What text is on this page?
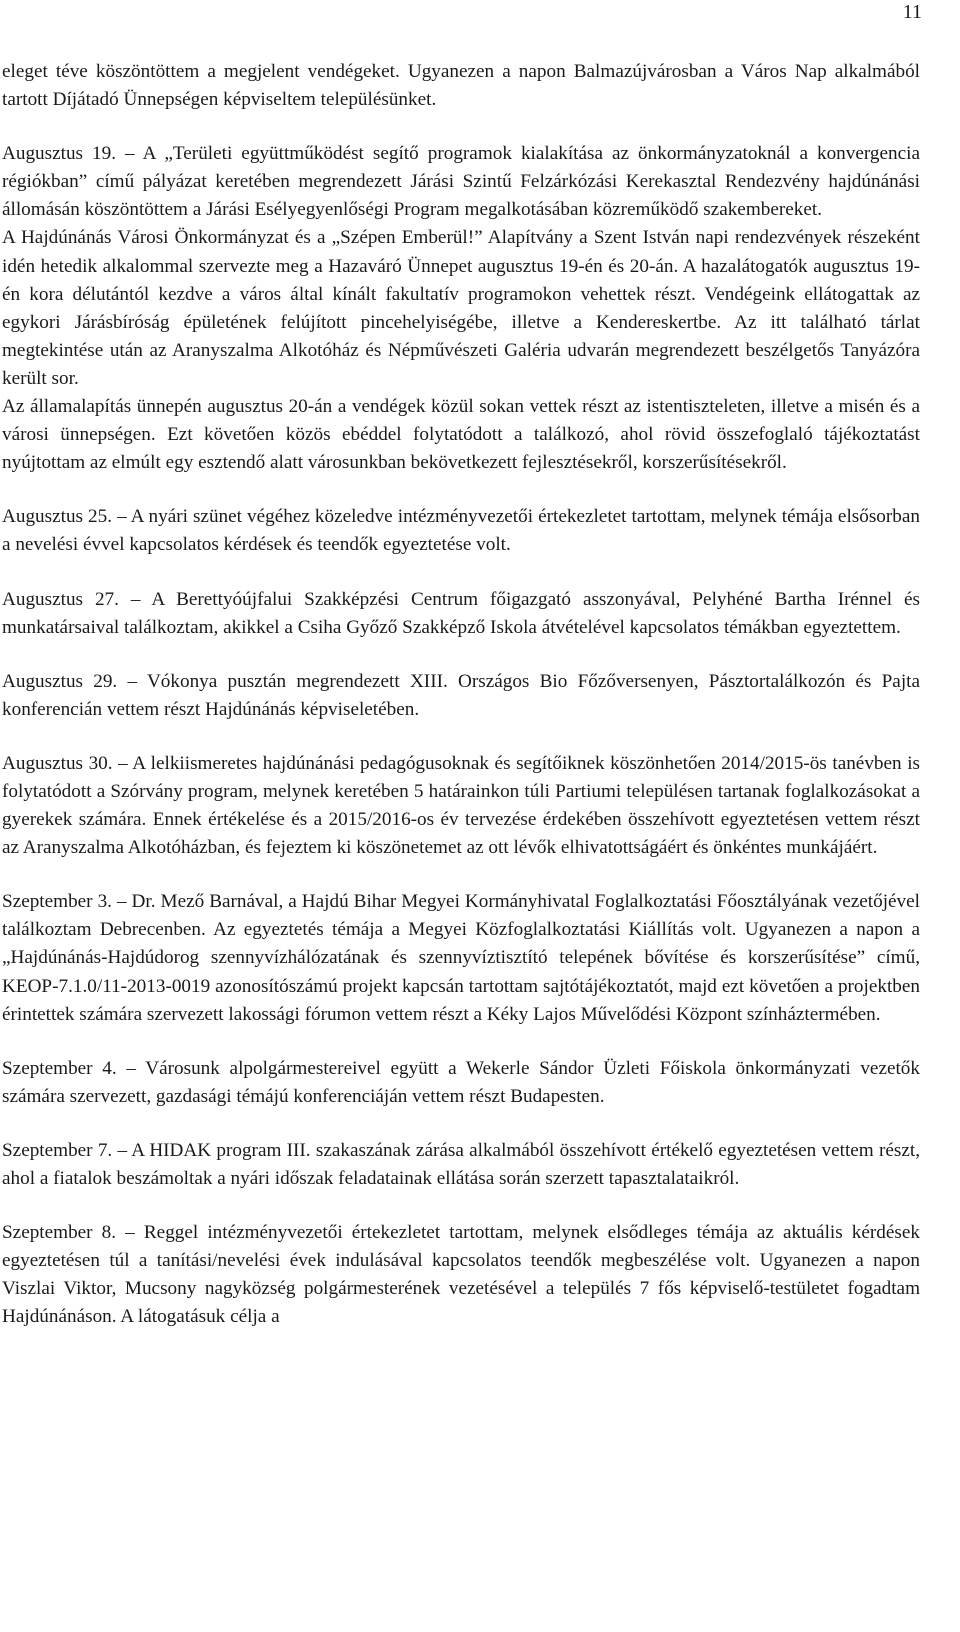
11

eleget téve köszöntöttem a megjelent vendégeket. Ugyanezen a napon Balmazújvárosban a Város Nap alkalmából tartott Díjátadó Ünnepségen képviseltem településünket.

Augusztus 19. – A „Területi együttműködést segítő programok kialakítása az önkormányzatoknál a konvergencia régiókban” című pályázat keretében megrendezett Járási Szintű Felzárkózási Kerekasztal Rendezvény hajdúnánási állomásán köszöntöttem a Járási Esélyegyenlőségi Program megalkotásában közreműködő szakembereket.

A Hajdúnánás Városi Önkormányzat és a „Szépen Emberül!” Alapítvány a Szent István napi rendezvények részeként idén hetedik alkalommal szervezte meg a Hazaváró Ünnepet augusztus 19-én és 20-án. A hazalátogatók augusztus 19-én kora délutántól kezdve a város által kínált fakultatív programokon vehettek részt. Vendégeink ellátogattak az egykori Járásbíróság épületének felújított pincehelyiségébe, illetve a Kendereskertbe. Az itt található tárlat megtekintése után az Aranyszalma Alkotóház és Népművészeti Galéria udvarán megrendezett beszélgetős Tanyázóra került sor.

Az államalapítás ünnepén augusztus 20-án a vendégek közül sokan vettek részt az istentiszteleten, illetve a misén és a városi ünnepségen. Ezt követően közös ebéddel folytatódott a találkozó, ahol rövid összefoglaló tájékoztatást nyújtottam az elmúlt egy esztendő alatt városunkban bekövetkezett fejlesztésekről, korszerűsítésekről.

Augusztus 25. – A nyári szünet végéhez közeledve intézményvezetői értekezletet tartottam, melynek témája elsősorban a nevelési évvel kapcsolatos kérdések és teendők egyeztetése volt.

Augusztus 27. – A Berettyóújfalui Szakképzési Centrum főigazgató asszonyával, Pelyhéné Bartha Irénnel és munkatársaival találkoztam, akikkel a Csiha Győző Szakképző Iskola átvételével kapcsolatos témákban egyeztettem.

Augusztus 29. – Vókonya pusztán megrendezett XIII. Országos Bio Főzőversenyen, Pásztortalálkozón és Pajta konferencián vettem részt Hajdúnánás képviseletében.

Augusztus 30. – A lelkiismeretes hajdúnánási pedagógusoknak és segítőiknek köszönhetően 2014/2015-ös tanévben is folytatódott a Szórvány program, melynek keretében 5 határainkon túli Partiumi településen tartanak foglalkozásokat a gyerekek számára. Ennek értékelése és a 2015/2016-os év tervezése érdekében összehívott egyeztetésen vettem részt az Aranyszalma Alkotóházban, és fejeztem ki köszönetemet az ott lévők elhivatottságáért és önkéntes munkájáért.

Szeptember 3. – Dr. Mező Barnával, a Hajdú Bihar Megyei Kormányhivatal Foglalkoztatási Főosztályának vezetőjével találkoztam Debrecenben. Az egyeztetés témája a Megyei Közfoglalkoztatási Kiállítás volt. Ugyanezen a napon a „Hajdúnánás-Hajdúdorog szennyvízhálózatának és szennyvíztisztító telepének bővítése és korszerűsítése” című, KEOP-7.1.0/11-2013-0019 azonosítószámú projekt kapcsán tartottam sajtótájékoztatót, majd ezt követően a projektben érintettek számára szervezett lakossági fórumon vettem részt a Kéky Lajos Művelődési Központ színháztermében.

Szeptember 4. – Városunk alpolgármestereivel együtt a Wekerle Sándor Üzleti Főiskola önkormányzati vezetők számára szervezett, gazdasági témájú konferenciáján vettem részt Budapesten.

Szeptember 7. – A HIDAK program III. szakaszának zárása alkalmából összehívott értékelő egyeztetésen vettem részt, ahol a fiatalok beszámoltak a nyári időszak feladatainak ellátása során szerzett tapasztalataikról.

Szeptember 8. – Reggel intézményvezetői értekezletet tartottam, melynek elsődleges témája az aktuális kérdések egyeztetésen túl a tanítási/nevelési évek indulásával kapcsolatos teendők megbeszélése volt. Ugyanezen a napon Viszlai Viktor, Mucsony nagyközség polgármesterének vezetésével a település 7 fős képviselő-testületet fogadtam Hajdúnánáson. A látogatásuk célja a
